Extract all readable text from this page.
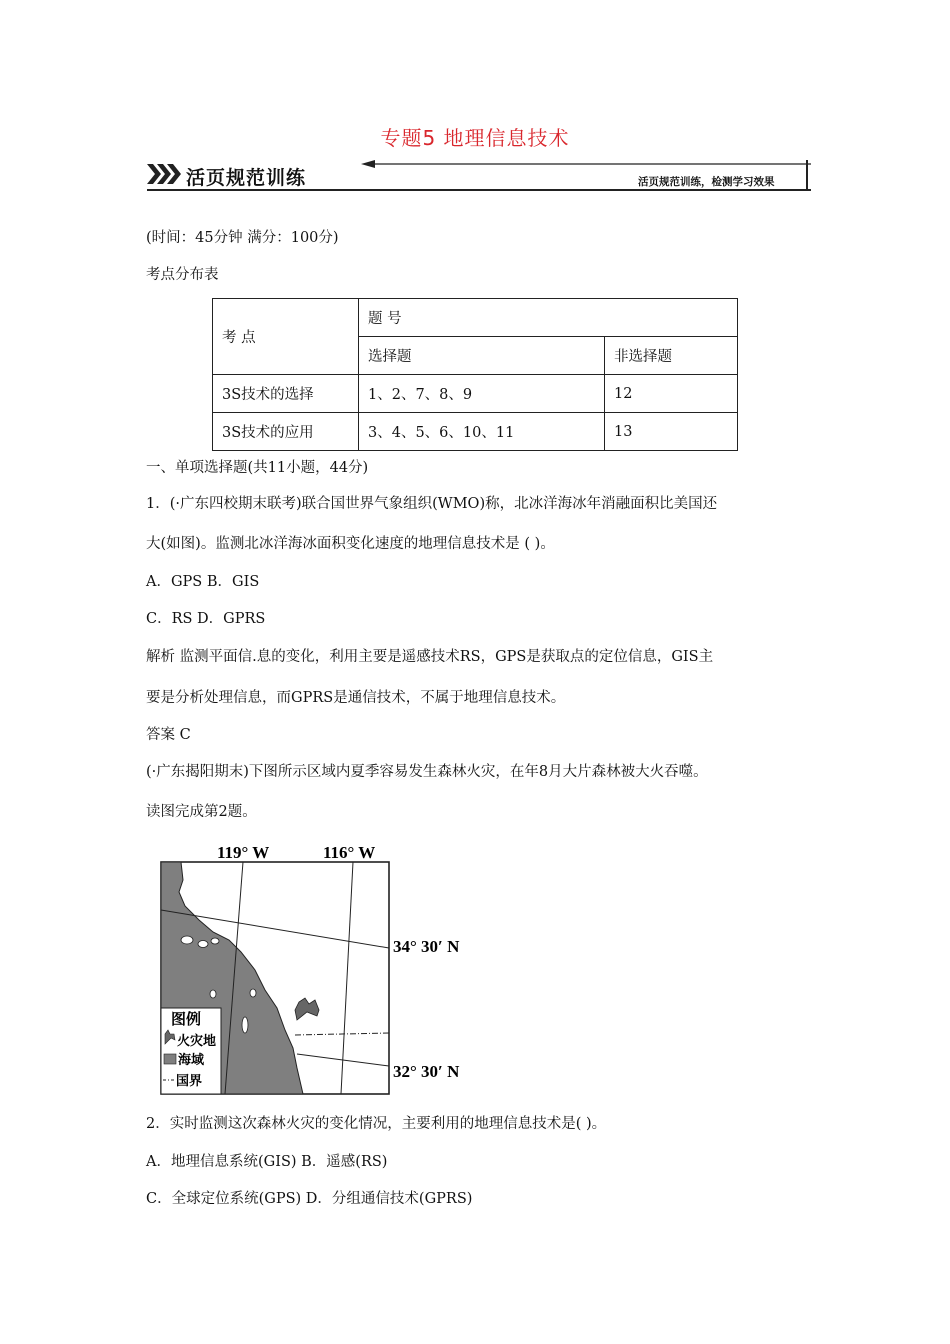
专题5 地理信息技术
活页规范训练	活页规范训练，检测学习效果
(时间：45分钟 满分：100分)
考点分布表
考 点	题 号	
	选择题	非选择题
3S技术的选择	1、2、7、8、9	12
3S技术的应用	3、4、5、6、10、11	13
一、单项选择题(共11小题，44分)
1．(·广东四校期末联考)联合国世界气象组织(WMO)称，北冰洋海冰年消融面积比美国还
大(如图)。监测北冰洋海冰面积变化速度的地理信息技术是 ( )。
A．GPS B．GIS
C．RS D．GPRS
解析 监测平面信.息的变化，利用主要是遥感技术RS，GPS是获取点的定位信息，GIS主
要是分析处理信息，而GPRS是通信技术，不属于地理信息技术。
答案 C
(·广东揭阳期末)下图所示区域内夏季容易发生森林火灾，在年8月大片森林被大火吞噬。
读图完成第2题。
119° W	116° W
34° 30′ N
32° 30′ N
图例
火灾地
海域
国界
2．实时监测这次森林火灾的变化情况，主要利用的地理信息技术是( )。
A．地理信息系统(GIS) B．遥感(RS)
C．全球定位系统(GPS) D．分组通信技术(GPRS)
